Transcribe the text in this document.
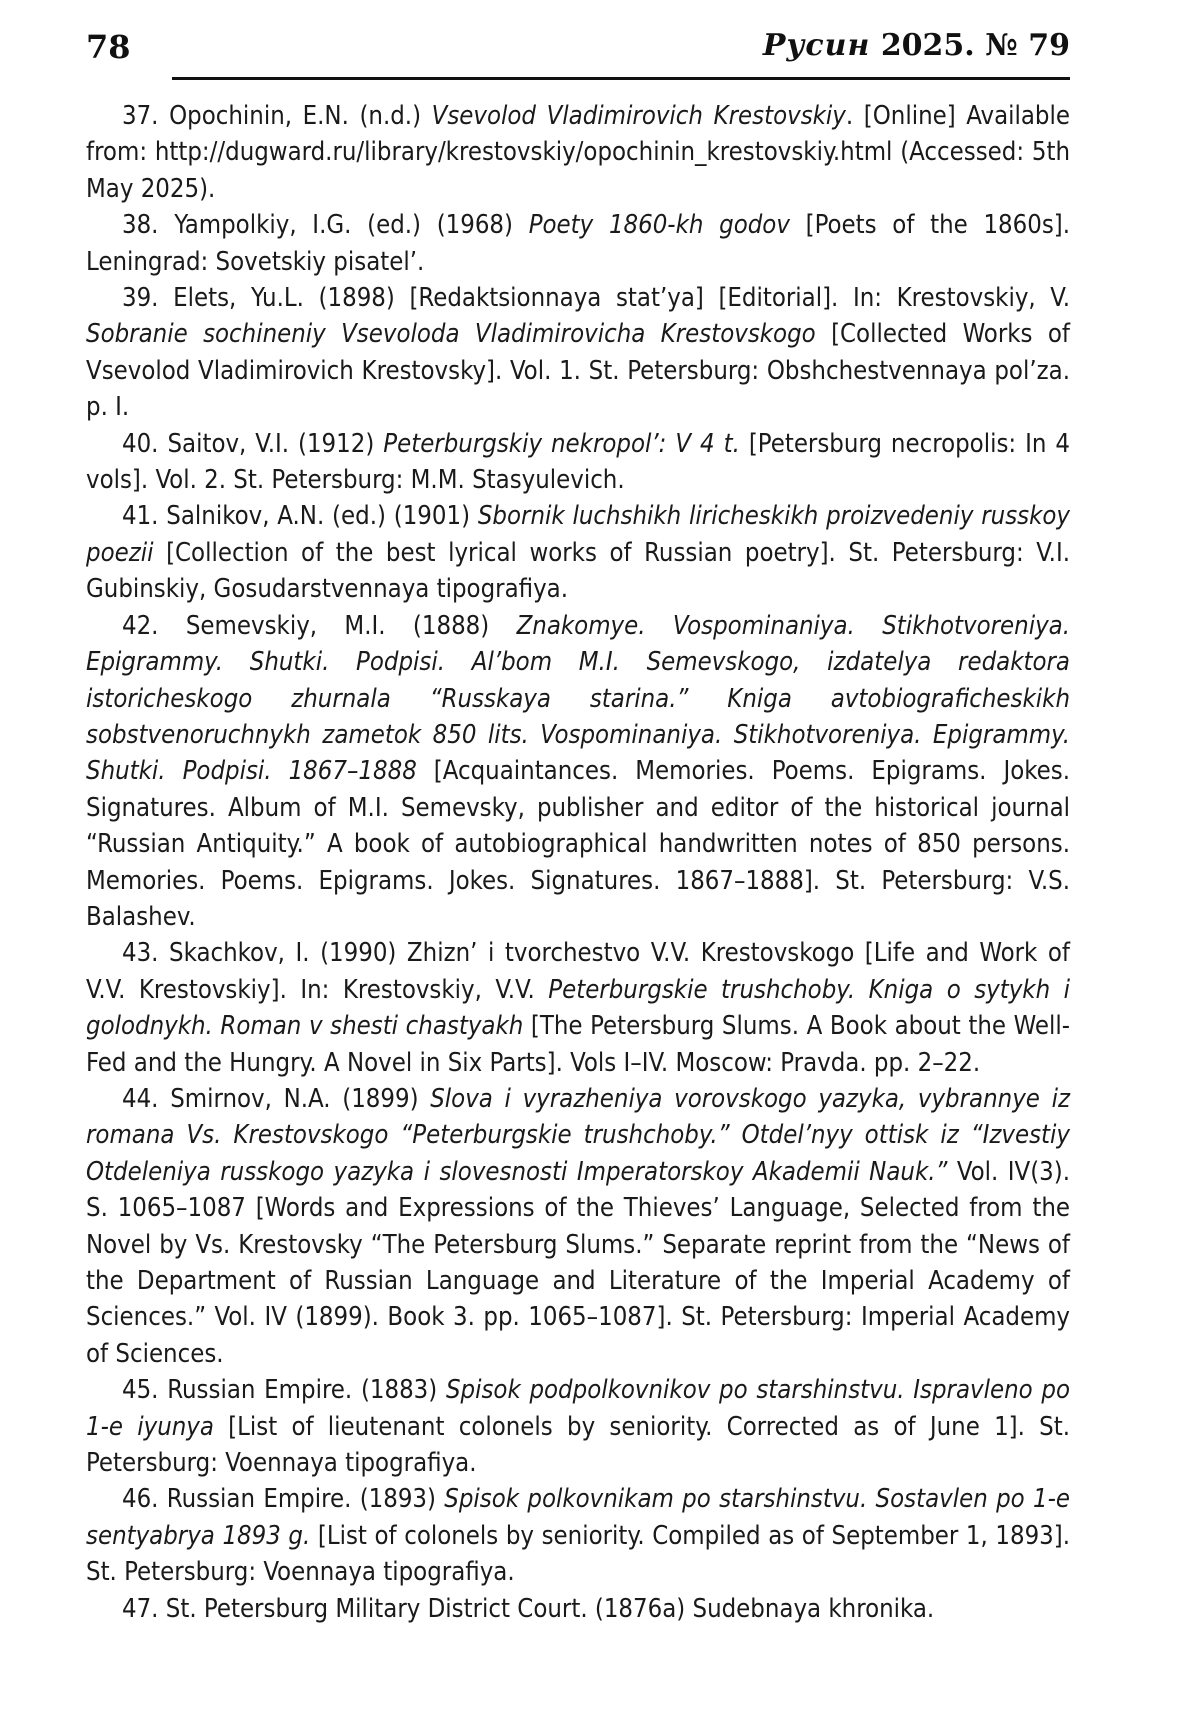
78	Русин 2025. № 79

37. Opochinin, E.N. (n.d.) Vsevolod Vladimirovich Krestovskiy. [Online] Available from: http://dugward.ru/library/krestovskiy/opochinin_krestovskiy.html (Accessed: 5th May 2025).

38. Yampolkiy, I.G. (ed.) (1968) Poety 1860-kh godov [Poets of the 1860s]. Leningrad: Sovetskiy pisatel’.

39. Elets, Yu.L. (1898) [Redaktsionnaya stat’ya] [Editorial]. In: Krestovskiy, V. Sobranie sochineniy Vsevoloda Vladimirovicha Krestovskogo [Collected Works of Vsevolod Vladimirovich Krestovsky]. Vol. 1. St. Petersburg: Obshchestvennaya pol’za. p. I.

40. Saitov, V.I. (1912) Peterburgskiy nekropol’: V 4 t. [Petersburg necropolis: In 4 vols]. Vol. 2. St. Petersburg: M.M. Stasyulevich.

41. Salnikov, A.N. (ed.) (1901) Sbornik luchshikh liricheskikh proizvedeniy russkoy poezii [Collection of the best lyrical works of Russian poetry]. St. Petersburg: V.I. Gubinskiy, Gosudarstvennaya tipografiya.

42. Semevskiy, M.I. (1888) Znakomye. Vospominaniya. Stikhotvoreniya. Epigrammy. Shutki. Podpisi. Al’bom M.I. Semevskogo, izdatelya redaktora istoricheskogo zhurnala “Russkaya starina.” Kniga avtobiograficheskikh sobstvenoruchnykh zametok 850 lits. Vospominaniya. Stikhotvoreniya. Epigrammy. Shutki. Podpisi. 1867–1888 [Acquaintances. Memories. Poems. Epigrams. Jokes. Signatures. Album of M.I. Semevsky, publisher and editor of the historical journal “Russian Antiquity.” A book of autobiographical handwritten notes of 850 persons. Memories. Poems. Epigrams. Jokes. Signatures. 1867–1888]. St. Petersburg: V.S. Balashev.

43. Skachkov, I. (1990) Zhizn’ i tvorchestvo V.V. Krestovskogo [Life and Work of V.V. Krestovskiy]. In: Krestovskiy, V.V. Peterburgskie trushchoby. Kniga o sytykh i golodnykh. Roman v shesti chastyakh [The Petersburg Slums. A Book about the Well-Fed and the Hungry. A Novel in Six Parts]. Vols I–IV. Moscow: Pravda. pp. 2–22.

44. Smirnov, N.A. (1899) Slova i vyrazheniya vorovskogo yazyka, vybrannye iz romana Vs. Krestovskogo “Peterburgskie trushchoby.” Otdel’nyy ottisk iz “Izvestiy Otdeleniya russkogo yazyka i slovesnosti Imperatorskoy Akademii Nauk.” Vol. IV(3). S. 1065–1087 [Words and Expressions of the Thieves’ Language, Selected from the Novel by Vs. Krestovsky “The Petersburg Slums.” Separate reprint from the “News of the Department of Russian Language and Literature of the Imperial Academy of Sciences.” Vol. IV (1899). Book 3. pp. 1065–1087]. St. Petersburg: Imperial Academy of Sciences.

45. Russian Empire. (1883) Spisok podpolkovnikov po starshinstvu. Ispravleno po 1-e iyunya [List of lieutenant colonels by seniority. Corrected as of June 1]. St. Petersburg: Voennaya tipografiya.

46. Russian Empire. (1893) Spisok polkovnikam po starshinstvu. Sostavlen po 1-e sentyabrya 1893 g. [List of colonels by seniority. Compiled as of September 1, 1893]. St. Petersburg: Voennaya tipografiya.

47. St. Petersburg Military District Court. (1876a) Sudebnaya khronika.
